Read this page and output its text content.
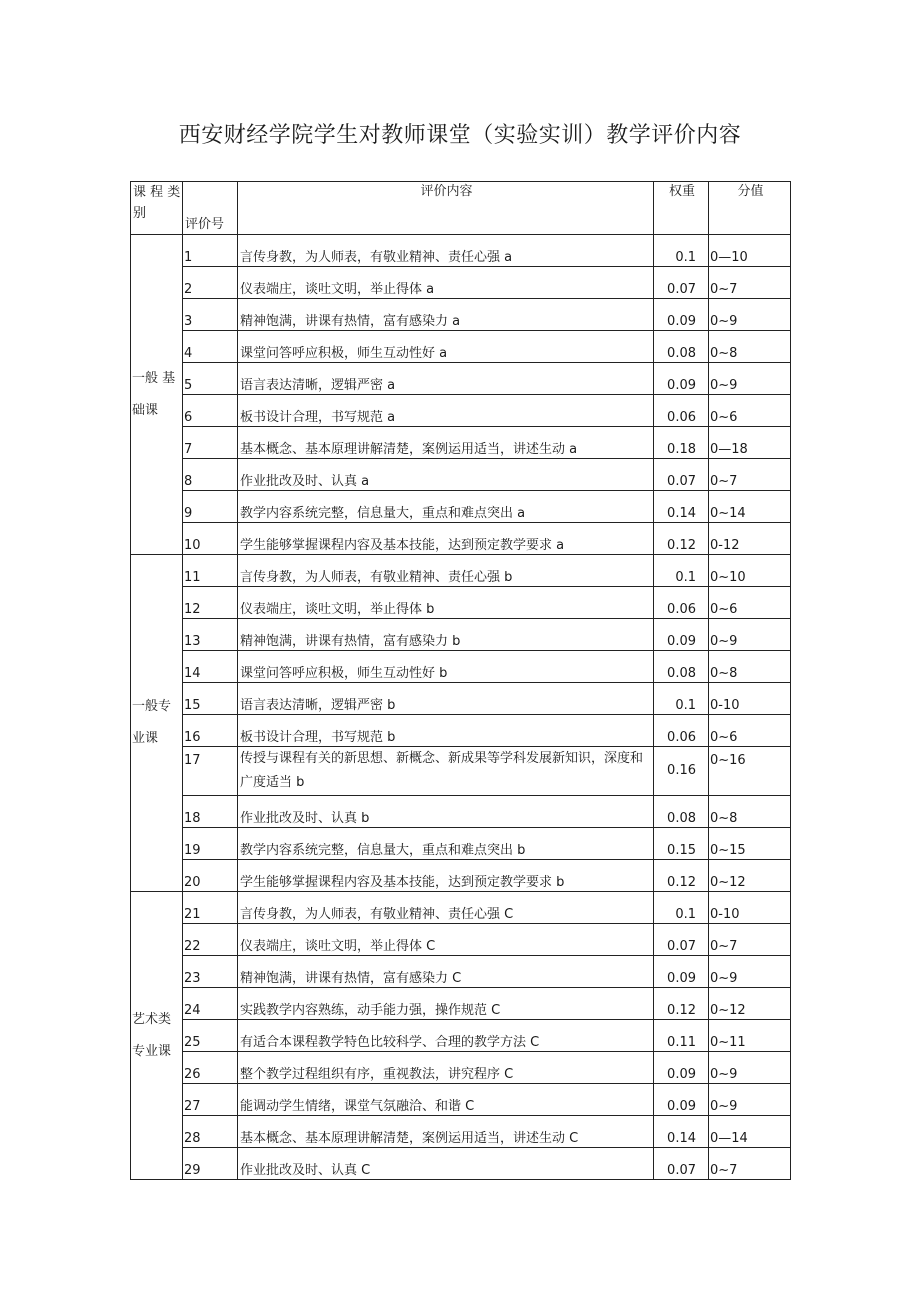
西安财经学院学生对教师课堂（实验实训）教学评价内容
课 程 类 别	评价号	评价内容	权重	分值
一般 基础课	1	言传身教，为人师表，有敬业精神、责任心强 a	0.1	0—10
	2	仪表端庄，谈吐文明，举止得体 a	0.07	0~7
	3	精神饱满，讲课有热情，富有感染力 a	0.09	0~9
	4	课堂问答呼应积极，师生互动性好 a	0.08	0~8
	5	语言表达清晰，逻辑严密 a	0.09	0~9
	6	板书设计合理，书写规范 a	0.06	0~6
	7	基本概念、基本原理讲解清楚，案例运用适当，讲述生动 a	0.18	0—18
	8	作业批改及时、认真 a	0.07	0~7
	9	教学内容系统完整，信息量大，重点和难点突出 a	0.14	0~14
	10	学生能够掌握课程内容及基本技能，达到预定教学要求 a	0.12	0-12
一般专 业课	11	言传身教，为人师表，有敬业精神、责任心强 b	0.1	0~10
	12	仪表端庄，谈吐文明，举止得体 b	0.06	0~6
	13	精神饱满，讲课有热情，富有感染力 b	0.09	0~9
	14	课堂问答呼应积极，师生互动性好 b	0.08	0~8
	15	语言表达清晰，逻辑严密 b	0.1	0-10
	16	板书设计合理，书写规范 b	0.06	0~6
	17	传授与课程有关的新思想、新概念、新成果等学科发展新知识，深度和广度适当 b	0.16	0~16
	18	作业批改及时、认真 b	0.08	0~8
	19	教学内容系统完整，信息量大，重点和难点突出 b	0.15	0~15
	20	学生能够掌握课程内容及基本技能，达到预定教学要求 b	0.12	0~12
艺术类 专业课	21	言传身教，为人师表，有敬业精神、责任心强 C	0.1	0-10
	22	仪表端庄，谈吐文明，举止得体 C	0.07	0~7
	23	精神饱满，讲课有热情，富有感染力 C	0.09	0~9
	24	实践教学内容熟练，动手能力强，操作规范 C	0.12	0~12
	25	有适合本课程教学特色比较科学、合理的教学方法 C	0.11	0~11
	26	整个教学过程组织有序，重视教法，讲究程序 C	0.09	0~9
	27	能调动学生情绪，课堂气氛融洽、和谐 C	0.09	0~9
	28	基本概念、基本原理讲解清楚，案例运用适当，讲述生动 C	0.14	0—14
	29	作业批改及时、认真 C	0.07	0~7
